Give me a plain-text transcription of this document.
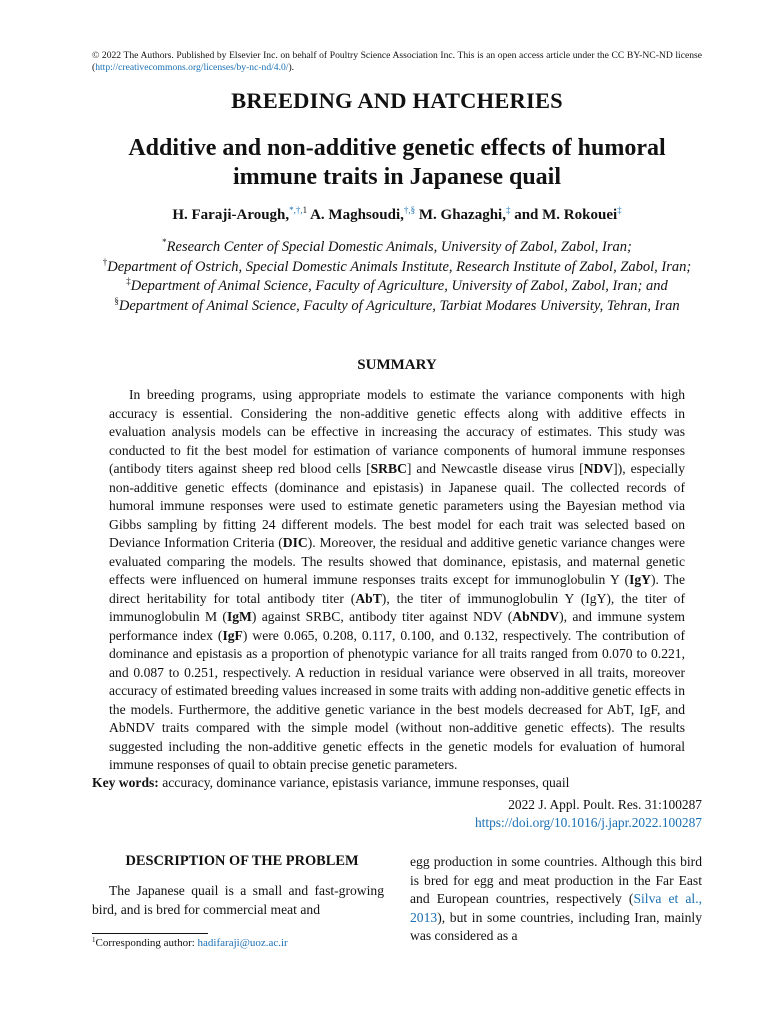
© 2022 The Authors. Published by Elsevier Inc. on behalf of Poultry Science Association Inc. This is an open access article under the CC BY-NC-ND license (http://creativecommons.org/licenses/by-nc-nd/4.0/).
BREEDING AND HATCHERIES
Additive and non-additive genetic effects of humoral immune traits in Japanese quail
H. Faraji-Arough,$^{*,\dagger,1}$ A. Maghsoudi,†,§ M. Ghazaghi,‡ and M. Rokouei‡
*Research Center of Special Domestic Animals, University of Zabol, Zabol, Iran;
†Department of Ostrich, Special Domestic Animals Institute, Research Institute of Zabol, Zabol, Iran; ‡Department of Animal Science, Faculty of Agriculture, University of Zabol, Zabol, Iran; and §Department of Animal Science, Faculty of Agriculture, Tarbiat Modares University, Tehran, Iran
SUMMARY
In breeding programs, using appropriate models to estimate the variance components with high accuracy is essential. Considering the non-additive genetic effects along with additive effects in evaluation analysis models can be effective in increasing the accuracy of estimates. This study was conducted to fit the best model for estimation of variance components of humoral immune responses (antibody titers against sheep red blood cells [SRBC] and Newcastle disease virus [NDV]), especially non-additive genetic effects (dominance and epistasis) in Japanese quail. The collected records of humoral immune responses were used to estimate genetic parameters using the Bayesian method via Gibbs sampling by fitting 24 different models. The best model for each trait was selected based on Deviance Information Criteria (DIC). Moreover, the residual and additive genetic variance changes were evaluated comparing the models. The results showed that dominance, epistasis, and maternal genetic effects were influenced on humeral immune responses traits except for immunoglobulin Y (IgY). The direct heritability for total antibody titer (AbT), the titer of immunoglobulin Y (IgY), the titer of immunoglobulin M (IgM) against SRBC, antibody titer against NDV (AbNDV), and immune system performance index (IgF) were 0.065, 0.208, 0.117, 0.100, and 0.132, respectively. The contribution of dominance and epistasis as a proportion of phenotypic variance for all traits ranged from 0.070 to 0.221, and 0.087 to 0.251, respectively. A reduction in residual variance were observed in all traits, moreover accuracy of estimated breeding values increased in some traits with adding non-additive genetic effects in the models. Furthermore, the additive genetic variance in the best models decreased for AbT, IgF, and AbNDV traits compared with the simple model (without non-additive genetic effects). The results suggested including the non-additive genetic effects in the genetic models for evaluation of humoral immune responses of quail to obtain precise genetic parameters.
Key words: accuracy, dominance variance, epistasis variance, immune responses, quail
2022 J. Appl. Poult. Res. 31:100287
https://doi.org/10.1016/j.japr.2022.100287
DESCRIPTION OF THE PROBLEM

The Japanese quail is a small and fast-growing bird, and is bred for commercial meat and

egg production in some countries. Although this bird is bred for egg and meat production in the Far East and European countries, respectively (Silva et al., 2013), but in some countries, including Iran, mainly was considered as a

$^1$Corresponding author: hadifaraji@uoz.ac.ir
